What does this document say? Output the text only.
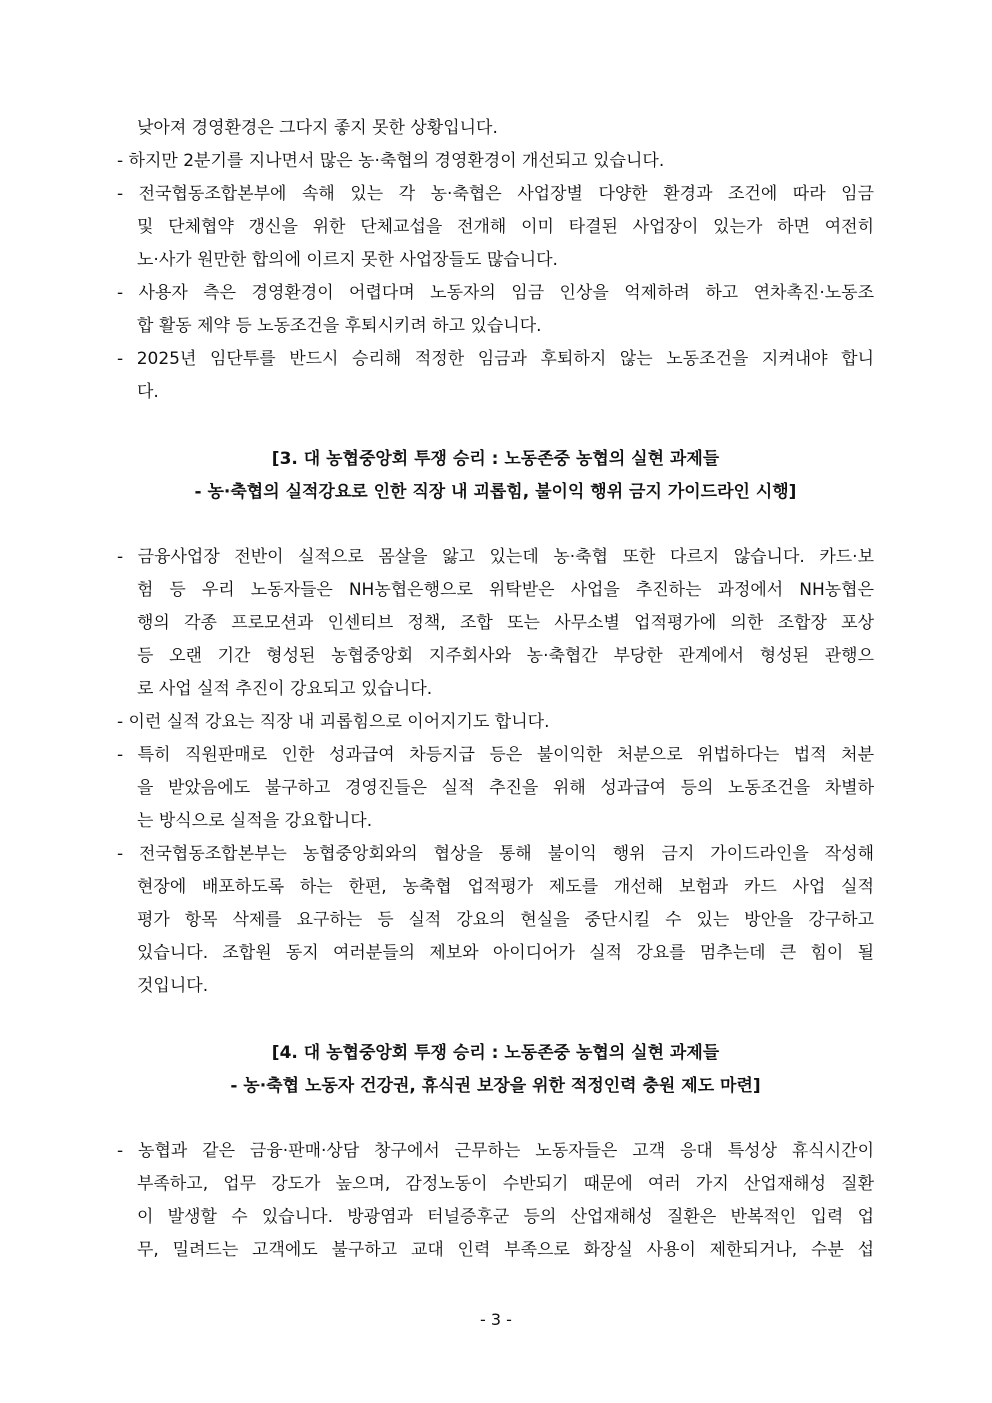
낮아져 경영환경은 그다지 좋지 못한 상황입니다.
- 하지만 2분기를 지나면서 많은 농·축협의 경영환경이 개선되고 있습니다.
- 전국협동조합본부에 속해 있는 각 농·축협은 사업장별 다양한 환경과 조건에 따라 임금
및 단체협약 갱신을 위한 단체교섭을 전개해 이미 타결된 사업장이 있는가 하면 여전히
노·사가 원만한 합의에 이르지 못한 사업장들도 많습니다.
- 사용자 측은 경영환경이 어렵다며 노동자의 임금 인상을 억제하려 하고 연차촉진·노동조
합 활동 제약 등 노동조건을 후퇴시키려 하고 있습니다.
- 2025년 임단투를 반드시 승리해 적정한 임금과 후퇴하지 않는 노동조건을 지켜내야 합니
다.
[3. 대 농협중앙회 투쟁 승리 : 노동존중 농협의 실현 과제들
- 농·축협의 실적강요로 인한 직장 내 괴롭힘, 불이익 행위 금지 가이드라인 시행]
- 금융사업장 전반이 실적으로 몸살을 앓고 있는데 농·축협 또한 다르지 않습니다. 카드·보
험 등 우리 노동자들은 NH농협은행으로 위탁받은 사업을 추진하는 과정에서 NH농협은
행의 각종 프로모션과 인센티브 정책, 조합 또는 사무소별 업적평가에 의한 조합장 포상
등 오랜 기간 형성된 농협중앙회 지주회사와 농·축협간 부당한 관계에서 형성된 관행으
로 사업 실적 추진이 강요되고 있습니다.
- 이런 실적 강요는 직장 내 괴롭힘으로 이어지기도 합니다.
- 특히 직원판매로 인한 성과급여 차등지급 등은 불이익한 처분으로 위법하다는 법적 처분
을 받았음에도 불구하고 경영진들은 실적 추진을 위해 성과급여 등의 노동조건을 차별하
는 방식으로 실적을 강요합니다.
- 전국협동조합본부는 농협중앙회와의 협상을 통해 불이익 행위 금지 가이드라인을 작성해
현장에 배포하도록 하는 한편, 농축협 업적평가 제도를 개선해 보험과 카드 사업 실적
평가 항목 삭제를 요구하는 등 실적 강요의 현실을 중단시킬 수 있는 방안을 강구하고
있습니다. 조합원 동지 여러분들의 제보와 아이디어가 실적 강요를 멈추는데 큰 힘이 될
것입니다.
[4. 대 농협중앙회 투쟁 승리 : 노동존중 농협의 실현 과제들
- 농·축협 노동자 건강권, 휴식권 보장을 위한 적정인력 충원 제도 마련]
- 농협과 같은 금융·판매·상담 창구에서 근무하는 노동자들은 고객 응대 특성상 휴식시간이
부족하고, 업무 강도가 높으며, 감정노동이 수반되기 때문에 여러 가지 산업재해성 질환
이 발생할 수 있습니다. 방광염과 터널증후군 등의 산업재해성 질환은 반복적인 입력 업
무, 밀려드는 고객에도 불구하고 교대 인력 부족으로 화장실 사용이 제한되거나, 수분 섭
- 3 -
